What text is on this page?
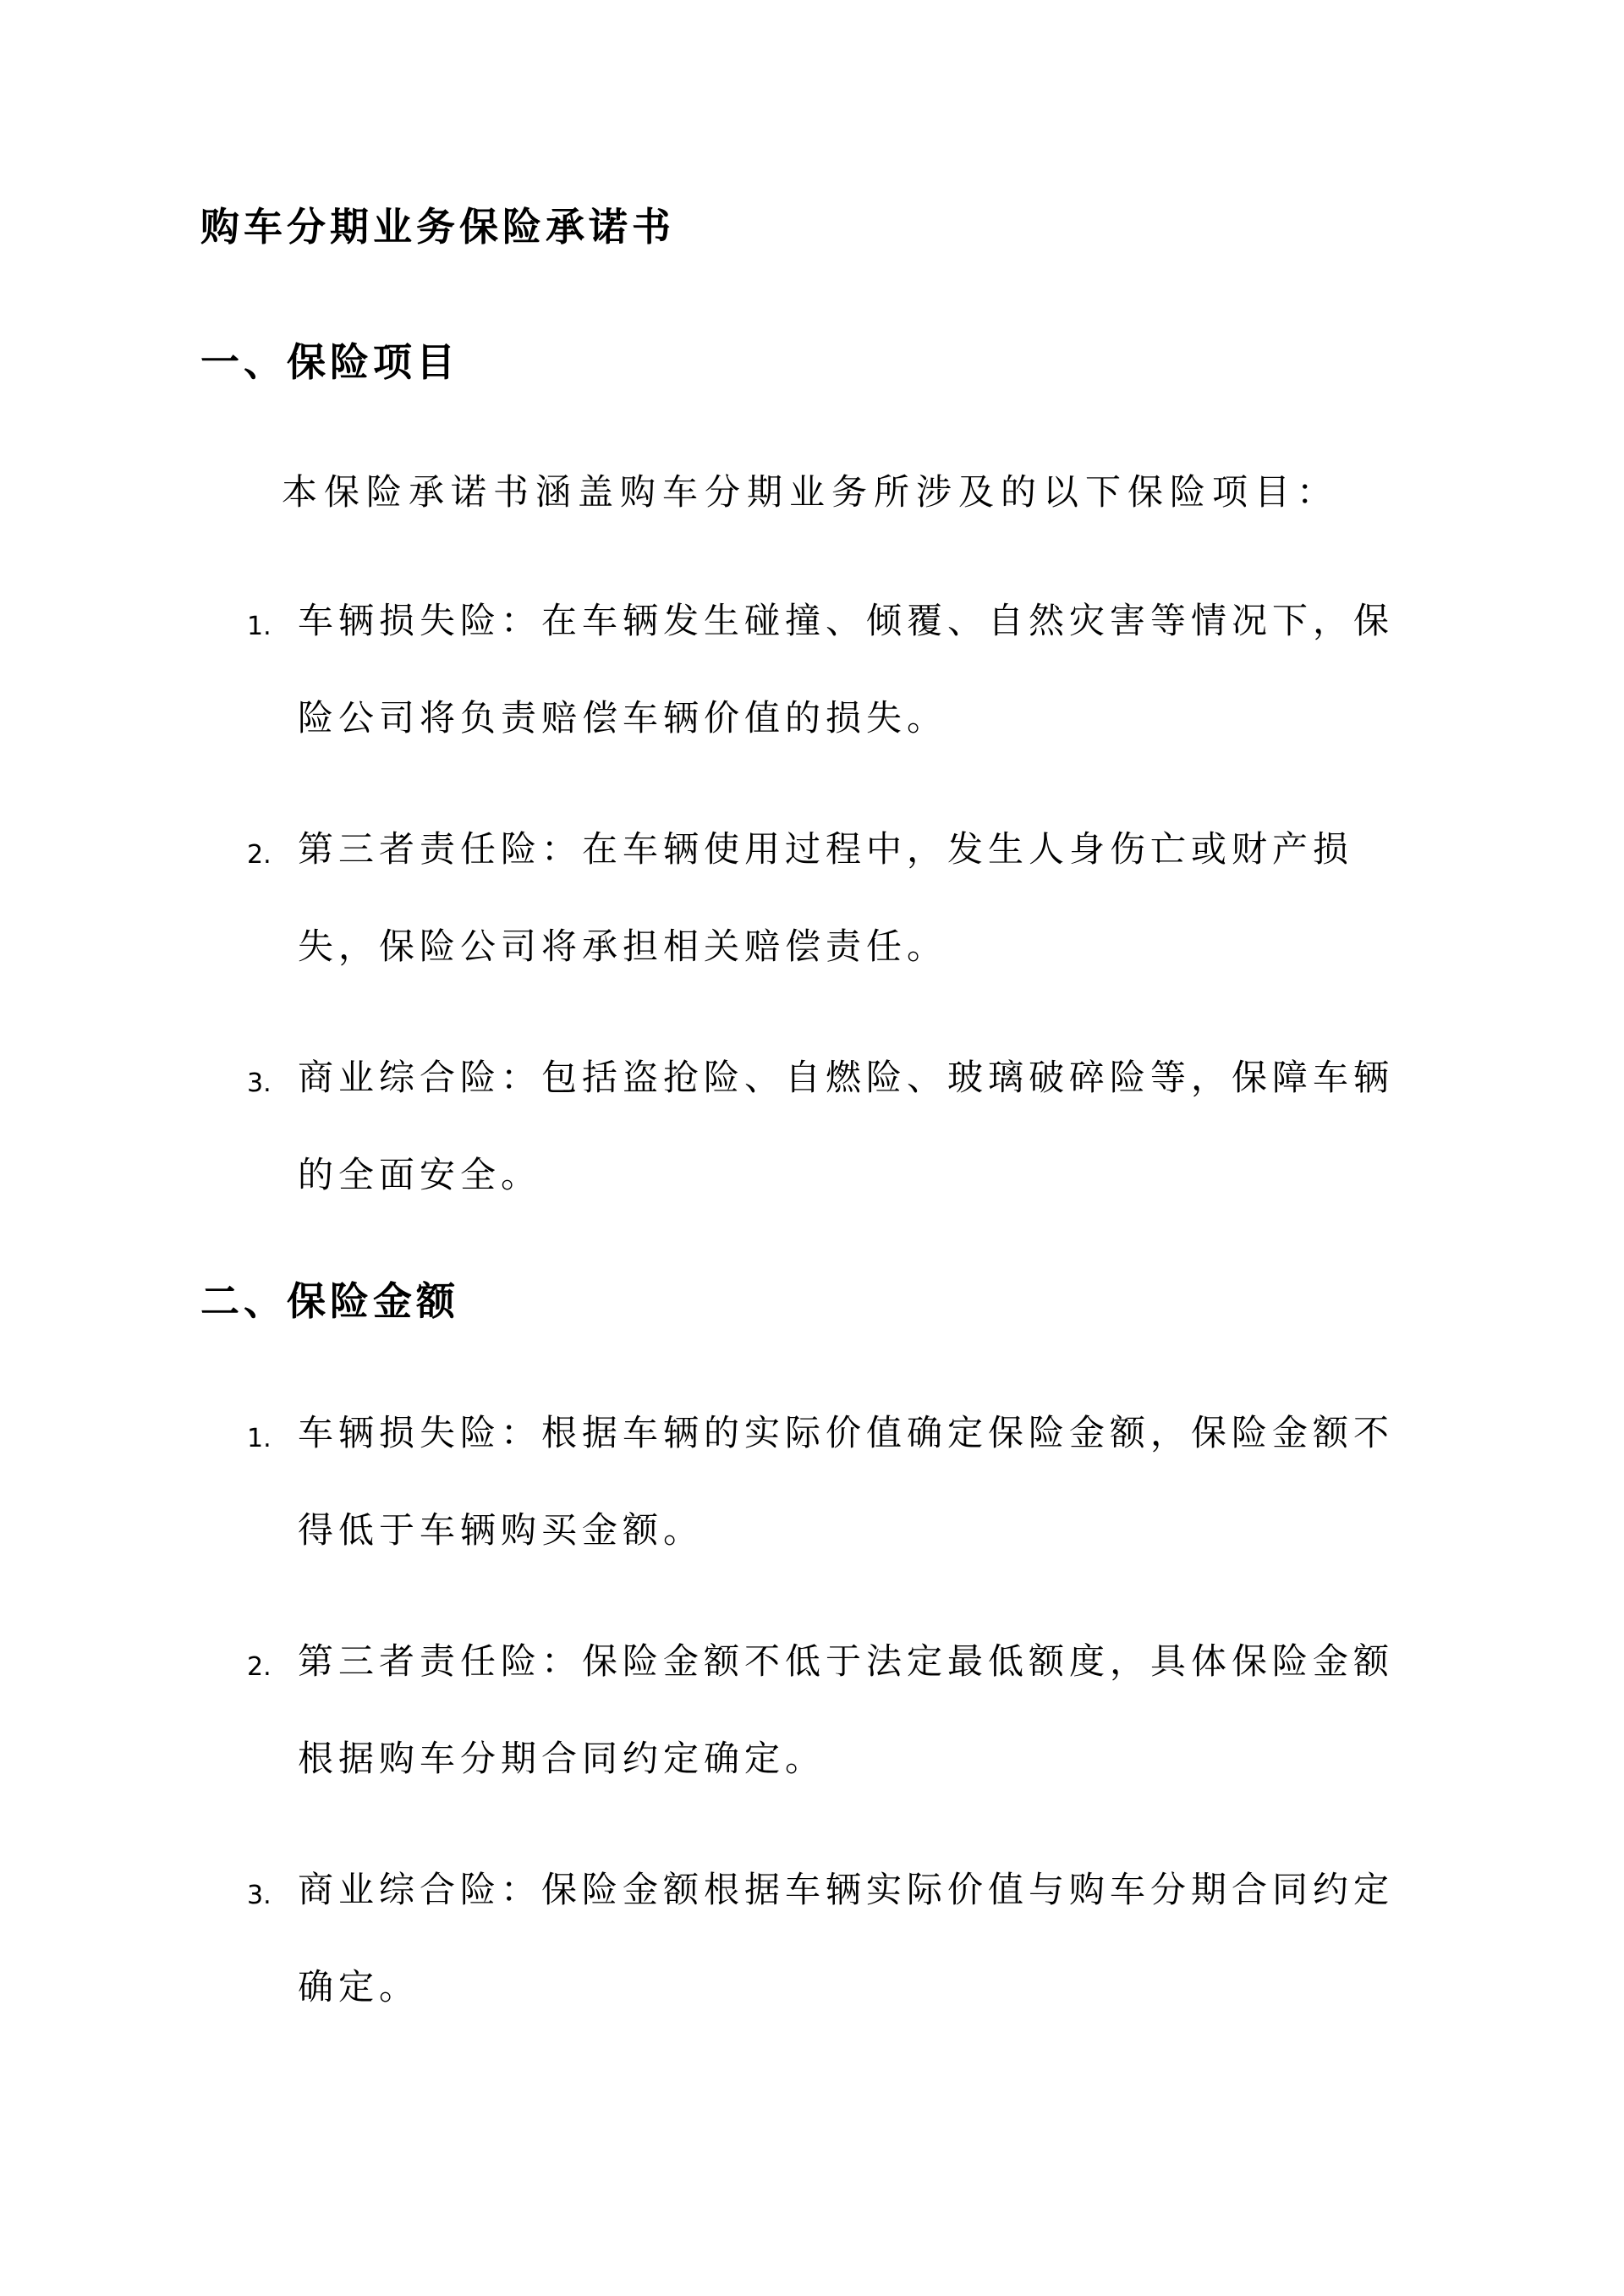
购车分期业务保险承诺书
一、保险项目
本保险承诺书涵盖购车分期业务所涉及的以下保险项目：
1. 车辆损失险：在车辆发生碰撞、倾覆、自然灾害等情况下，保险公司将负责赔偿车辆价值的损失。
2. 第三者责任险：在车辆使用过程中，发生人身伤亡或财产损失，保险公司将承担相关赔偿责任。
3. 商业综合险：包括盗抢险、自燃险、玻璃破碎险等，保障车辆的全面安全。
二、保险金额
1. 车辆损失险：根据车辆的实际价值确定保险金额，保险金额不得低于车辆购买金额。
2. 第三者责任险：保险金额不低于法定最低额度，具体保险金额根据购车分期合同约定确定。
3. 商业综合险：保险金额根据车辆实际价值与购车分期合同约定确定。
